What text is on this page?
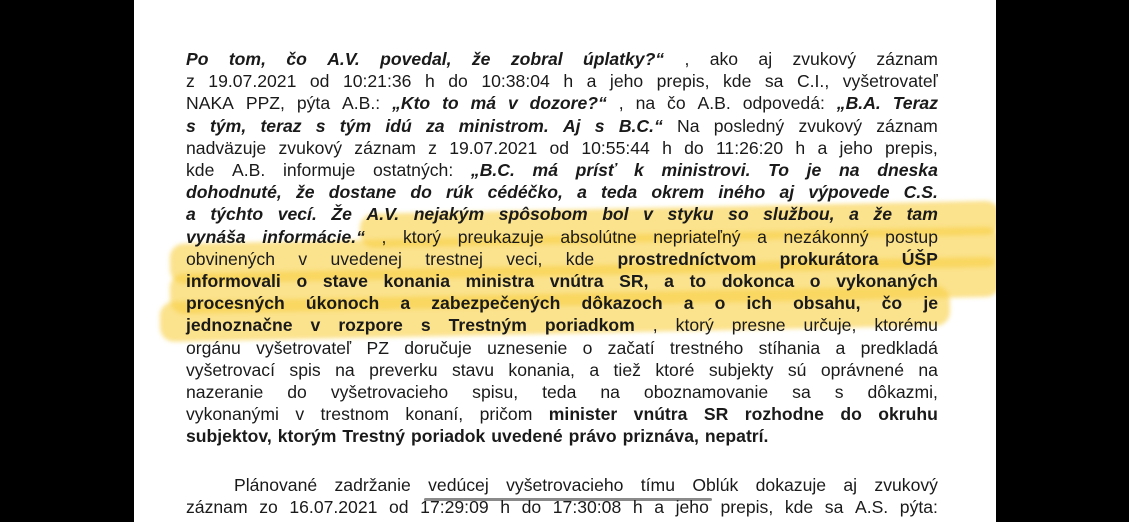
Po tom, čo A.V. povedal, že zobral úplatky?“ , ako aj zvukový záznam
z 19.07.2021 od 10:21:36 h do 10:38:04 h a jeho prepis, kde sa C.I., vyšetrovateľ
NAKA PPZ, pýta A.B.: „Kto to má v dozore?“ , na čo A.B. odpovedá: „B.A. Teraz
s tým, teraz s tým idú za ministrom. Aj s B.C.“ Na posledný zvukový záznam
nadväzuje zvukový záznam z 19.07.2021 od 10:55:44 h do 11:26:20 h a jeho prepis,
kde A.B. informuje ostatných: „B.C. má prísť k ministrovi. To je na dneska
dohodnuté, že dostane do rúk cédéčko, a teda okrem iného aj výpovede C.S.
a týchto vecí. Že A.V. nejakým spôsobom bol v styku so službou, a že tam
vynáša informácie.“ , ktorý preukazuje absolútne nepriateľný a nezákonný postup
obvinených v uvedenej trestnej veci, kde prostredníctvom prokurátora ÚŠP
informovali o stave konania ministra vnútra SR, a to dokonca o vykonaných
procesných úkonoch a zabezpečených dôkazoch a o ich obsahu, čo je
jednoznačne v rozpore s Trestným poriadkom , ktorý presne určuje, ktorému
orgánu vyšetrovateľ PZ doručuje uznesenie o začatí trestného stíhania a predkladá
vyšetrovací spis na preverku stavu konania, a tiež ktoré subjekty sú oprávnené na
nazeranie do vyšetrovacieho spisu, teda na oboznamovanie sa s dôkazmi,
vykonanými v trestnom konaní, pričom minister vnútra SR rozhodne do okruhu
subjektov, ktorým Trestný poriadok uvedené právo priznáva, nepatrí.
Plánované zadržanie vedúcej vyšetrovacieho tímu Oblúk dokazuje aj zvukový
záznam zo 16.07.2021 od 17:29:09 h do 17:30:08 h a jeho prepis, kde sa A.S. pýta:
